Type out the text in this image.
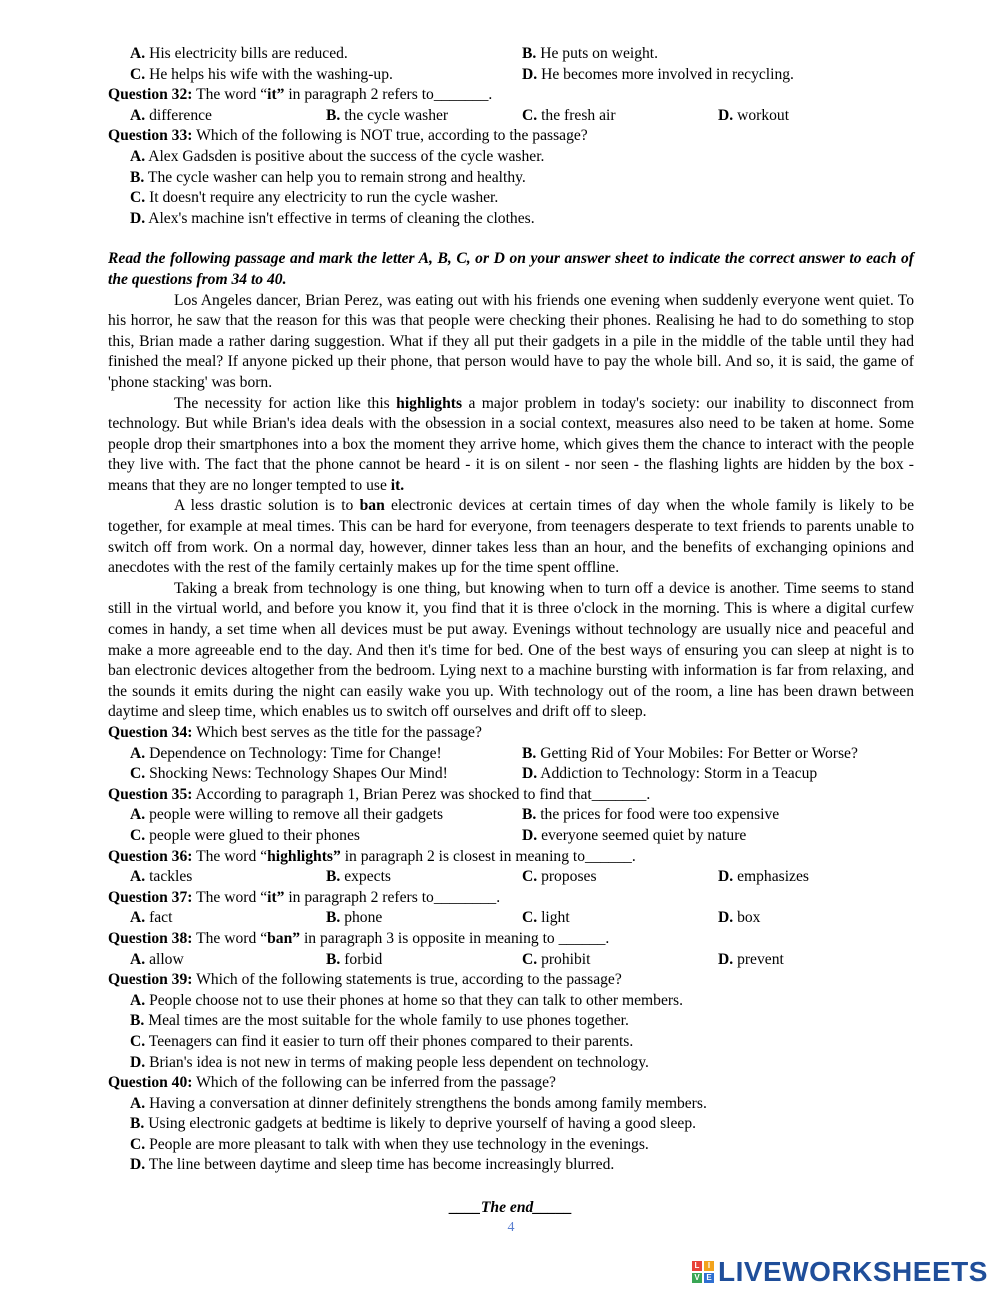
A. His electricity bills are reduced.	B. He puts on weight.
C. He helps his wife with the washing-up.	D. He becomes more involved in recycling.
Question 32: The word “it” in paragraph 2 refers to_______.
A. difference	B. the cycle washer	C. the fresh air	D. workout
Question 33: Which of the following is NOT true, according to the passage?
A. Alex Gadsden is positive about the success of the cycle washer.
B. The cycle washer can help you to remain strong and healthy.
C. It doesn't require any electricity to run the cycle washer.
D. Alex's machine isn't effective in terms of cleaning the clothes.
Read the following passage and mark the letter A, B, C, or D on your answer sheet to indicate the correct answer to each of the questions from 34 to 40.
Los Angeles dancer, Brian Perez, was eating out with his friends one evening when suddenly everyone went quiet. To his horror, he saw that the reason for this was that people were checking their phones. Realising he had to do something to stop this, Brian made a rather daring suggestion. What if they all put their gadgets in a pile in the middle of the table until they had finished the meal? If anyone picked up their phone, that person would have to pay the whole bill. And so, it is said, the game of 'phone stacking' was born.
The necessity for action like this highlights a major problem in today's society: our inability to disconnect from technology. But while Brian's idea deals with the obsession in a social context, measures also need to be taken at home. Some people drop their smartphones into a box the moment they arrive home, which gives them the chance to interact with the people they live with. The fact that the phone cannot be heard - it is on silent - nor seen - the flashing lights are hidden by the box - means that they are no longer tempted to use it.
A less drastic solution is to ban electronic devices at certain times of day when the whole family is likely to be together, for example at meal times. This can be hard for everyone, from teenagers desperate to text friends to parents unable to switch off from work. On a normal day, however, dinner takes less than an hour, and the benefits of exchanging opinions and anecdotes with the rest of the family certainly makes up for the time spent offline.
Taking a break from technology is one thing, but knowing when to turn off a device is another. Time seems to stand still in the virtual world, and before you know it, you find that it is three o'clock in the morning. This is where a digital curfew comes in handy, a set time when all devices must be put away. Evenings without technology are usually nice and peaceful and make a more agreeable end to the day. And then it's time for bed. One of the best ways of ensuring you can sleep at night is to ban electronic devices altogether from the bedroom. Lying next to a machine bursting with information is far from relaxing, and the sounds it emits during the night can easily wake you up. With technology out of the room, a line has been drawn between daytime and sleep time, which enables us to switch off ourselves and drift off to sleep.
Question 34: Which best serves as the title for the passage?
A. Dependence on Technology: Time for Change!	B. Getting Rid of Your Mobiles: For Better or Worse?
C. Shocking News: Technology Shapes Our Mind!	D. Addiction to Technology: Storm in a Teacup
Question 35: According to paragraph 1, Brian Perez was shocked to find that_______.
A. people were willing to remove all their gadgets	B. the prices for food were too expensive
C. people were glued to their phones	D. everyone seemed quiet by nature
Question 36: The word “highlights” in paragraph 2 is closest in meaning to______.
A. tackles	B. expects	C. proposes	D. emphasizes
Question 37: The word “it” in paragraph 2 refers to________.
A. fact	B. phone	C. light	D. box
Question 38: The word “ban” in paragraph 3 is opposite in meaning to ______.
A. allow	B. forbid	C. prohibit	D. prevent
Question 39: Which of the following statements is true, according to the passage?
A. People choose not to use their phones at home so that they can talk to other members.
B. Meal times are the most suitable for the whole family to use phones together.
C. Teenagers can find it easier to turn off their phones compared to their parents.
D. Brian's idea is not new in terms of making people less dependent on technology.
Question 40: Which of the following can be inferred from the passage?
A. Having a conversation at dinner definitely strengthens the bonds among family members.
B. Using electronic gadgets at bedtime is likely to deprive yourself of having a good sleep.
C. People are more pleasant to talk with when they use technology in the evenings.
D. The line between daytime and sleep time has become increasingly blurred.
____The end_____
4
L	I
V E LIVEWORKSHEETS
